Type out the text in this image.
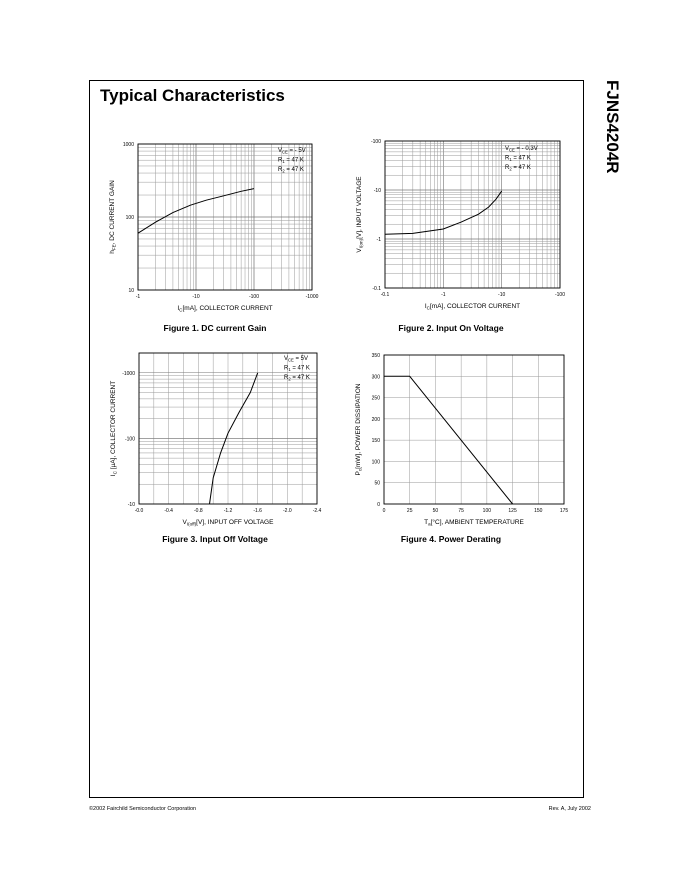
FJNS4204R
Typical Characteristics
-1	-10	-100	-1000
10
100
1000
$I_C[mA]$, COLLECTOR CURRENT
$h_{FE}$, DC CURRENT GAIN
$V_{CE}$ = - 5V
$R_1 = 47$ K
$R_2 = 47$ K
-0.1	-1	-10	-100
-0.1
-1
-10
-100
$I_C[mA]$, COLLECTOR CURRENT
$V_{I(on)}[V]$, INPUT VOLTAGE
$V_{CE}$ = - 0.3V
$R_1 = 47$ K
$R_2 = 47$ K
-0.0	-0.4	-0.8	-1.2	-1.6	-2.0	-2.4
-10
-100
-1000
$V_{I(off)}[V]$, INPUT OFF VOLTAGE
$I_C$ [µA], COLLECTOR CURRENT
$V_{CE} = 5V$
$R_1 = 47$ K
$R_2 = 47$ K
0	25	50	75	100	125	150	175
0
50
100
150
200
250
300
350
$T_a[^\circ C]$, AMBIENT TEMPERATURE
$P_c[mW]$, POWER DISSIPATION
Figure 1. DC current Gain	Figure 2. Input On Voltage
Figure 3. Input Off Voltage	Figure 4. Power Derating
©2002 Fairchild Semiconductor Corporation	Rev. A, July 2002
